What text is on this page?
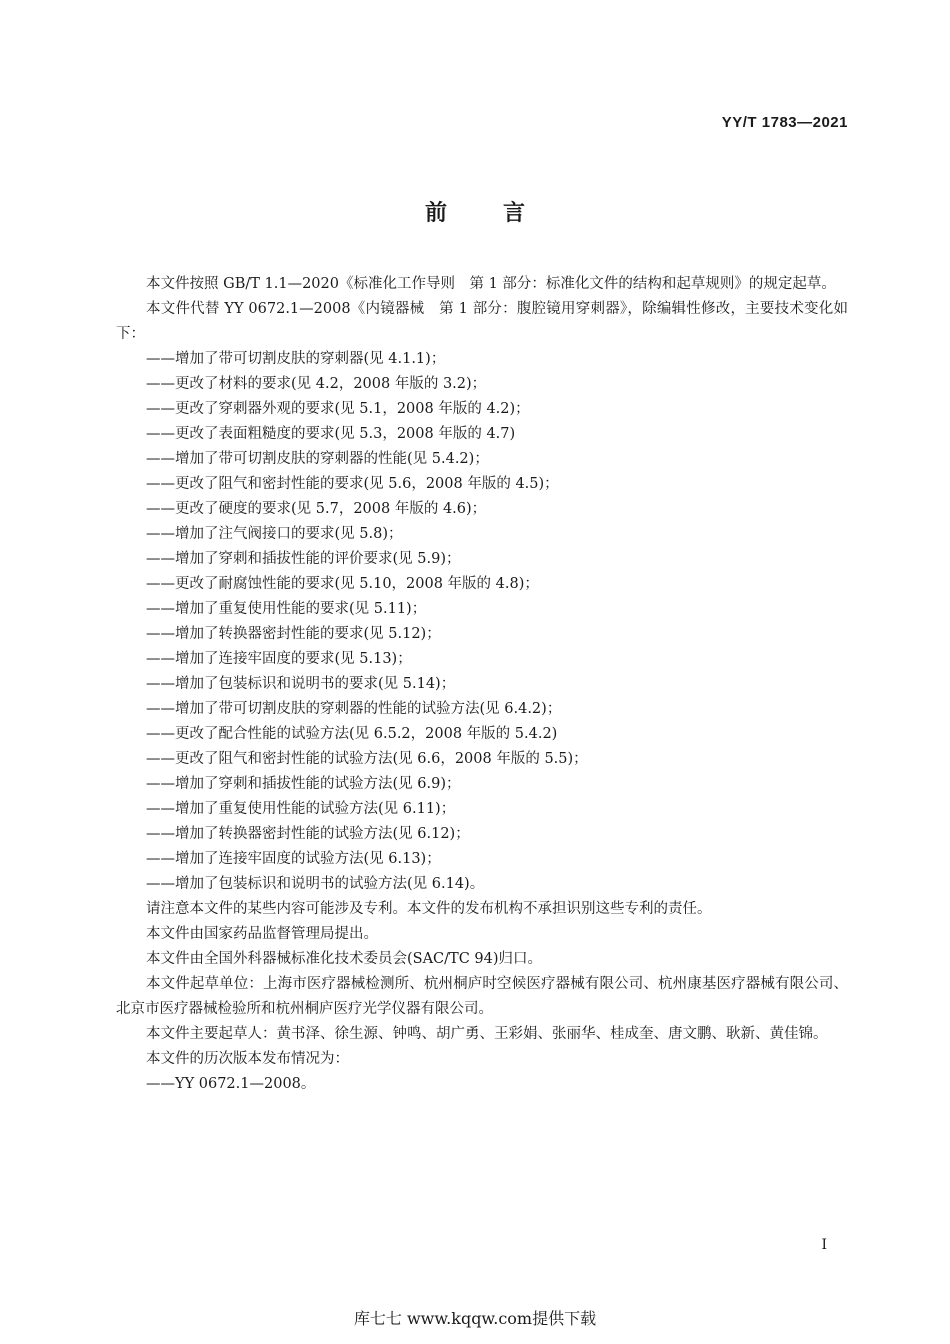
YY/T 1783—2021
前言

本文件按照 GB/T 1.1—2020《标准化工作导则　第 1 部分：标准化文件的结构和起草规则》的规定起草。

本文件代替 YY 0672.1—2008《内镜器械　第 1 部分：腹腔镜用穿刺器》，除编辑性修改，主要技术变化如下：

——增加了带可切割皮肤的穿刺器(见 4.1.1)；

——更改了材料的要求(见 4.2，2008 年版的 3.2)；

——更改了穿刺器外观的要求(见 5.1，2008 年版的 4.2)；

——更改了表面粗糙度的要求(见 5.3，2008 年版的 4.7)

——增加了带可切割皮肤的穿刺器的性能(见 5.4.2)；

——更改了阻气和密封性能的要求(见 5.6，2008 年版的 4.5)；

——更改了硬度的要求(见 5.7，2008 年版的 4.6)；

——增加了注气阀接口的要求(见 5.8)；

——增加了穿刺和插拔性能的评价要求(见 5.9)；

——更改了耐腐蚀性能的要求(见 5.10，2008 年版的 4.8)；

——增加了重复使用性能的要求(见 5.11)；

——增加了转换器密封性能的要求(见 5.12)；

——增加了连接牢固度的要求(见 5.13)；

——增加了包装标识和说明书的要求(见 5.14)；

——增加了带可切割皮肤的穿刺器的性能的试验方法(见 6.4.2)；

——更改了配合性能的试验方法(见 6.5.2，2008 年版的 5.4.2)

——更改了阻气和密封性能的试验方法(见 6.6，2008 年版的 5.5)；

——增加了穿刺和插拔性能的试验方法(见 6.9)；

——增加了重复使用性能的试验方法(见 6.11)；

——增加了转换器密封性能的试验方法(见 6.12)；

——增加了连接牢固度的试验方法(见 6.13)；

——增加了包装标识和说明书的试验方法(见 6.14)。

请注意本文件的某些内容可能涉及专利。本文件的发布机构不承担识别这些专利的责任。

本文件由国家药品监督管理局提出。

本文件由全国外科器械标准化技术委员会(SAC/TC 94)归口。

本文件起草单位：上海市医疗器械检测所、杭州桐庐时空候医疗器械有限公司、杭州康基医疗器械有限公司、北京市医疗器械检验所和杭州桐庐医疗光学仪器有限公司。

本文件主要起草人：黄书泽、徐生源、钟鸣、胡广勇、王彩娟、张丽华、桂成奎、唐文鹏、耿新、黄佳锦。

本文件的历次版本发布情况为：

——YY 0672.1—2008。

I
库七七 www.kqqw.com提供下载
